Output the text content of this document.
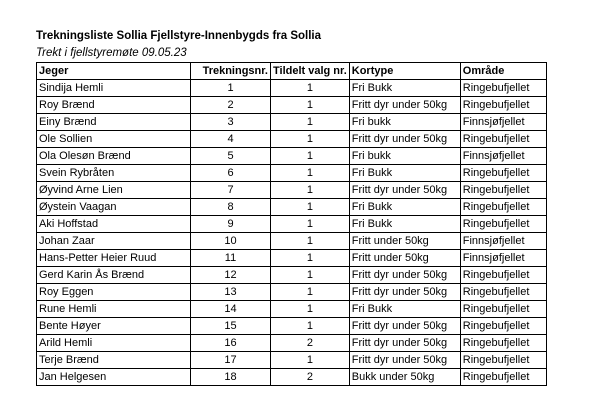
Trekningsliste Sollia Fjellstyre-Innenbygds fra Sollia
Trekt i fjellstyremøte 09.05.23
Jeger	Trekningsnr.	Tildelt valg nr.	Kortype	Område
Sindija Hemli	1	1	Fri Bukk	Ringebufjellet
Roy Brænd	2	1	Fritt dyr under 50kg	Ringebufjellet
Einy Brænd	3	1	Fri bukk	Finnsjøfjellet
Ole Sollien	4	1	Fritt dyr under 50kg	Ringebufjellet
Ola Olesøn Brænd	5	1	Fri bukk	Finnsjøfjellet
Svein Rybråten	6	1	Fri Bukk	Ringebufjellet
Øyvind Arne Lien	7	1	Fritt dyr under 50kg	Ringebufjellet
Øystein Vaagan	8	1	Fri Bukk	Ringebufjellet
Aki Hoffstad	9	1	Fri Bukk	Ringebufjellet
Johan Zaar	10	1	Fritt under 50kg	Finnsjøfjellet
Hans-Petter Heier Ruud	11	1	Fritt under 50kg	Finnsjøfjellet
Gerd Karin Ås Brænd	12	1	Fritt dyr under 50kg	Ringebufjellet
Roy Eggen	13	1	Fritt dyr under 50kg	Ringebufjellet
Rune Hemli	14	1	Fri Bukk	Ringebufjellet
Bente Høyer	15	1	Fritt dyr under 50kg	Ringebufjellet
Arild Hemli	16	2	Fritt dyr under 50kg	Ringebufjellet
Terje Brænd	17	1	Fritt dyr under 50kg	Ringebufjellet
Jan Helgesen	18	2	Bukk under 50kg	Ringebufjellet
